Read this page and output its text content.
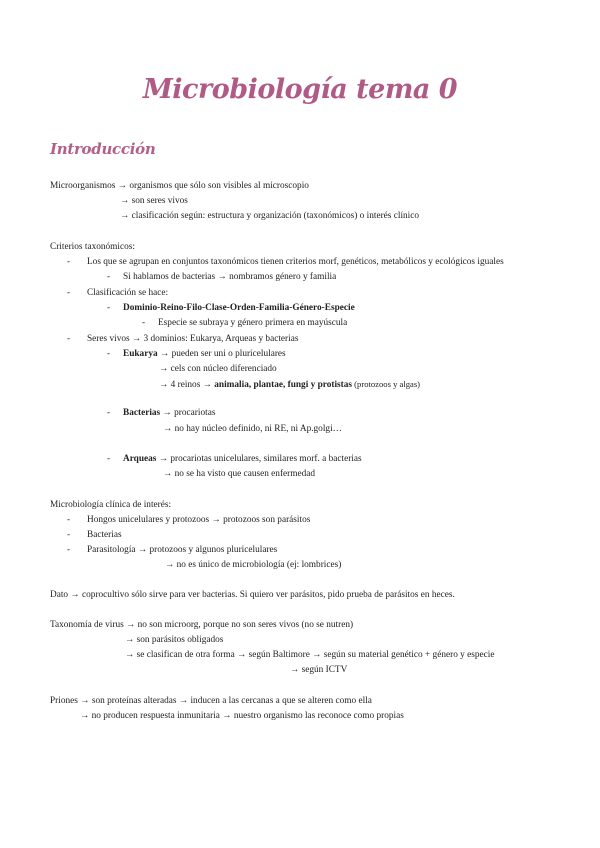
Microbiología tema 0
Introducción
Microorganismos → organismos que sólo son visibles al microscopio
→ son seres vivos
→ clasificación según: estructura y organización (taxonómicos) o interés clínico
Criterios taxonómicos:
- Los que se agrupan en conjuntos taxonómicos tienen criterios morf, genéticos, metabólicos y ecológicos iguales
- Si hablamos de bacterias → nombramos género y familia
- Clasificación se hace:
- Dominio-Reino-Filo-Clase-Orden-Familia-Género-Especie
- Especie se subraya y género primera en mayúscula
- Seres vivos → 3 dominios: Eukarya, Arqueas y bacterias
- Eukarya → pueden ser uni o pluricelulares
→ cels con núcleo diferenciado
→ 4 reinos → animalia, plantae, fungi y protistas (protozoos y algas)
- Bacterias → procariotas
→ no hay núcleo definido, ni RE, ni Ap.golgi…
- Arqueas → procariotas unicelulares, similares morf. a bacterias
→ no se ha visto que causen enfermedad
Microbiología clínica de interés:
- Hongos unicelulares y protozoos → protozoos son parásitos
- Bacterias
- Parasitología → protozoos y algunos pluricelulares
→ no es único de microbiología (ej: lombrices)
Dato → coprocultivo sólo sirve para ver bacterias. Si quiero ver parásitos, pido prueba de parásitos en heces.
Taxonomía de virus → no son microorg, porque no son seres vivos (no se nutren)
→ son parásitos obligados
→ se clasifican de otra forma → según Baltimore → según su material genético + género y especie
→ según ICTV
Priones → son proteínas alteradas → inducen a las cercanas a que se alteren como ella
→ no producen respuesta inmunitaria → nuestro organismo las reconoce como propias
